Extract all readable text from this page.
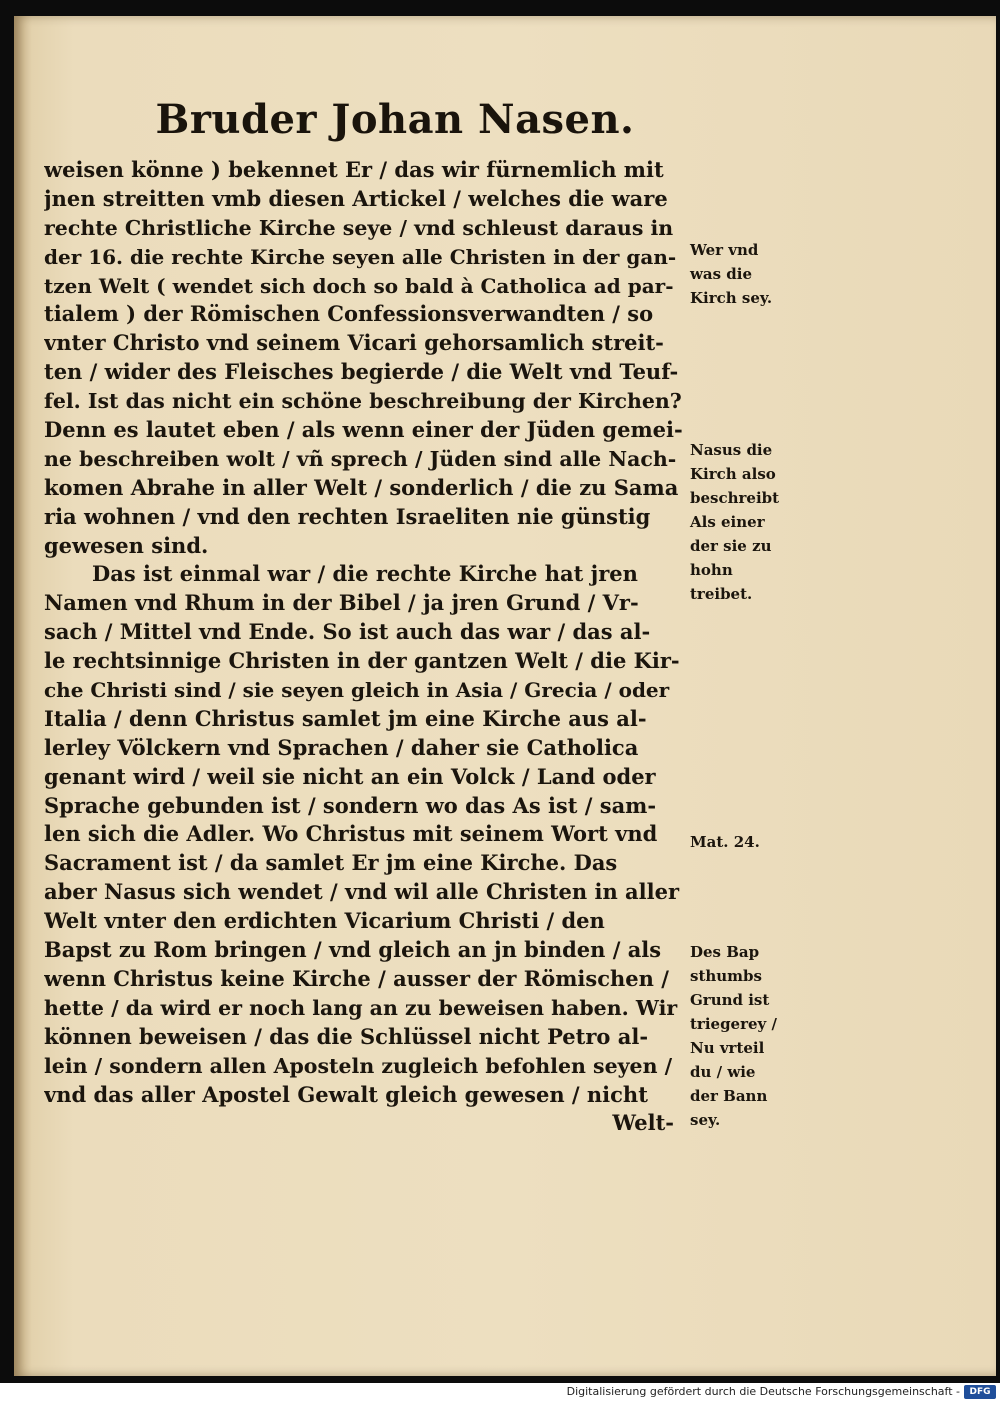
Bruder Johan Nasen.
weisen könne ) bekennet Er / das wir fürnemlich mit
jnen streitten vmb diesen Artickel / welches die ware
rechte Christliche Kirche seye / vnd schleust daraus in
der 16. die rechte Kirche seyen alle Christen in der gan-
tzen Welt ( wendet sich doch so bald à Catholica ad par-
tialem ) der Römischen Confessionsverwandten / so
vnter Christo vnd seinem Vicari gehorsamlich streit-
ten / wider des Fleisches begierde / die Welt vnd Teuf-
fel. Ist das nicht ein schöne beschreibung der Kirchen?
Denn es lautet eben / als wenn einer der Jüden gemei-
ne beschreiben wolt / vñ sprech / Jüden sind alle Nach-
komen Abrahe in aller Welt / sonderlich / die zu Sama
ria wohnen / vnd den rechten Israeliten nie günstig
gewesen sind.
Das ist einmal war / die rechte Kirche hat jren
Namen vnd Rhum in der Bibel / ja jren Grund / Vr-
sach / Mittel vnd Ende. So ist auch das war / das al-
le rechtsinnige Christen in der gantzen Welt / die Kir-
che Christi sind / sie seyen gleich in Asia / Grecia / oder
Italia / denn Christus samlet jm eine Kirche aus al-
lerley Völckern vnd Sprachen / daher sie Catholica
genant wird / weil sie nicht an ein Volck / Land oder
Sprache gebunden ist / sondern wo das As ist / sam-
len sich die Adler. Wo Christus mit seinem Wort vnd
Sacrament ist / da samlet Er jm eine Kirche. Das
aber Nasus sich wendet / vnd wil alle Christen in aller
Welt vnter den erdichten Vicarium Christi / den
Bapst zu Rom bringen / vnd gleich an jn binden / als
wenn Christus keine Kirche / ausser der Römischen /
hette / da wird er noch lang an zu beweisen haben. Wir
können beweisen / das die Schlüssel nicht Petro al-
lein / sondern allen Aposteln zugleich befohlen seyen /
vnd das aller Apostel Gewalt gleich gewesen / nicht
Welt-
Wer vnd
was die
Kirch sey.
Nasus die
Kirch also
beschreibt
Als einer
der sie zu
hohn
treibet.
Mat. 24.
Des Bap
sthumbs
Grund ist
triegerey /
Nu vrteil
du / wie
der Bann
sey.
Digitalisierung gefördert durch die Deutsche Forschungsgemeinschaft -	DFG
